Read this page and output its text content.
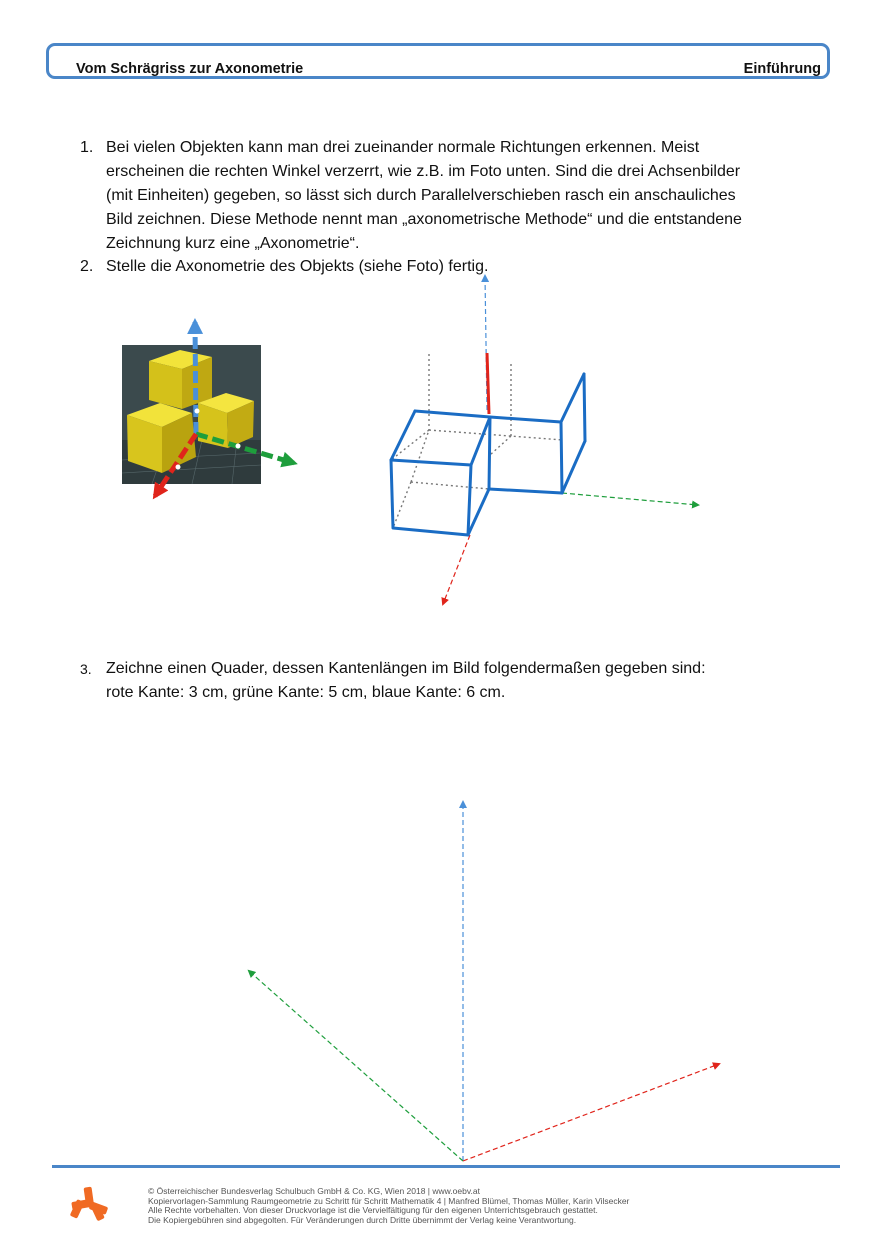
Vom Schrägriss zur Axonometrie	Einführung
1. Bei vielen Objekten kann man drei zueinander normale Richtungen erkennen. Meist
erscheinen die rechten Winkel verzerrt, wie z.B. im Foto unten. Sind die drei Achsenbilder
(mit Einheiten) gegeben, so lässt sich durch Parallelverschieben rasch ein anschauliches
Bild zeichnen. Diese Methode nennt man „axonometrische Methode“ und die entstandene
Zeichnung kurz eine „Axonometrie“.
2. Stelle die Axonometrie des Objekts (siehe Foto) fertig.
3. Zeichne einen Quader, dessen Kantenlängen im Bild folgendermaßen gegeben sind:
rote Kante: 3 cm, grüne Kante: 5 cm, blaue Kante: 6 cm.
© Österreichischer Bundesverlag Schulbuch GmbH & Co. KG, Wien 2018 | www.oebv.at
Kopiervorlagen-Sammlung Raumgeometrie zu Schritt für Schritt Mathematik 4 | Manfred Blümel, Thomas Müller, Karin Vilsecker
Alle Rechte vorbehalten. Von dieser Druckvorlage ist die Vervielfältigung für den eigenen Unterrichtsgebrauch gestattet.
Die Kopiergebühren sind abgegolten. Für Veränderungen durch Dritte übernimmt der Verlag keine Verantwortung.
